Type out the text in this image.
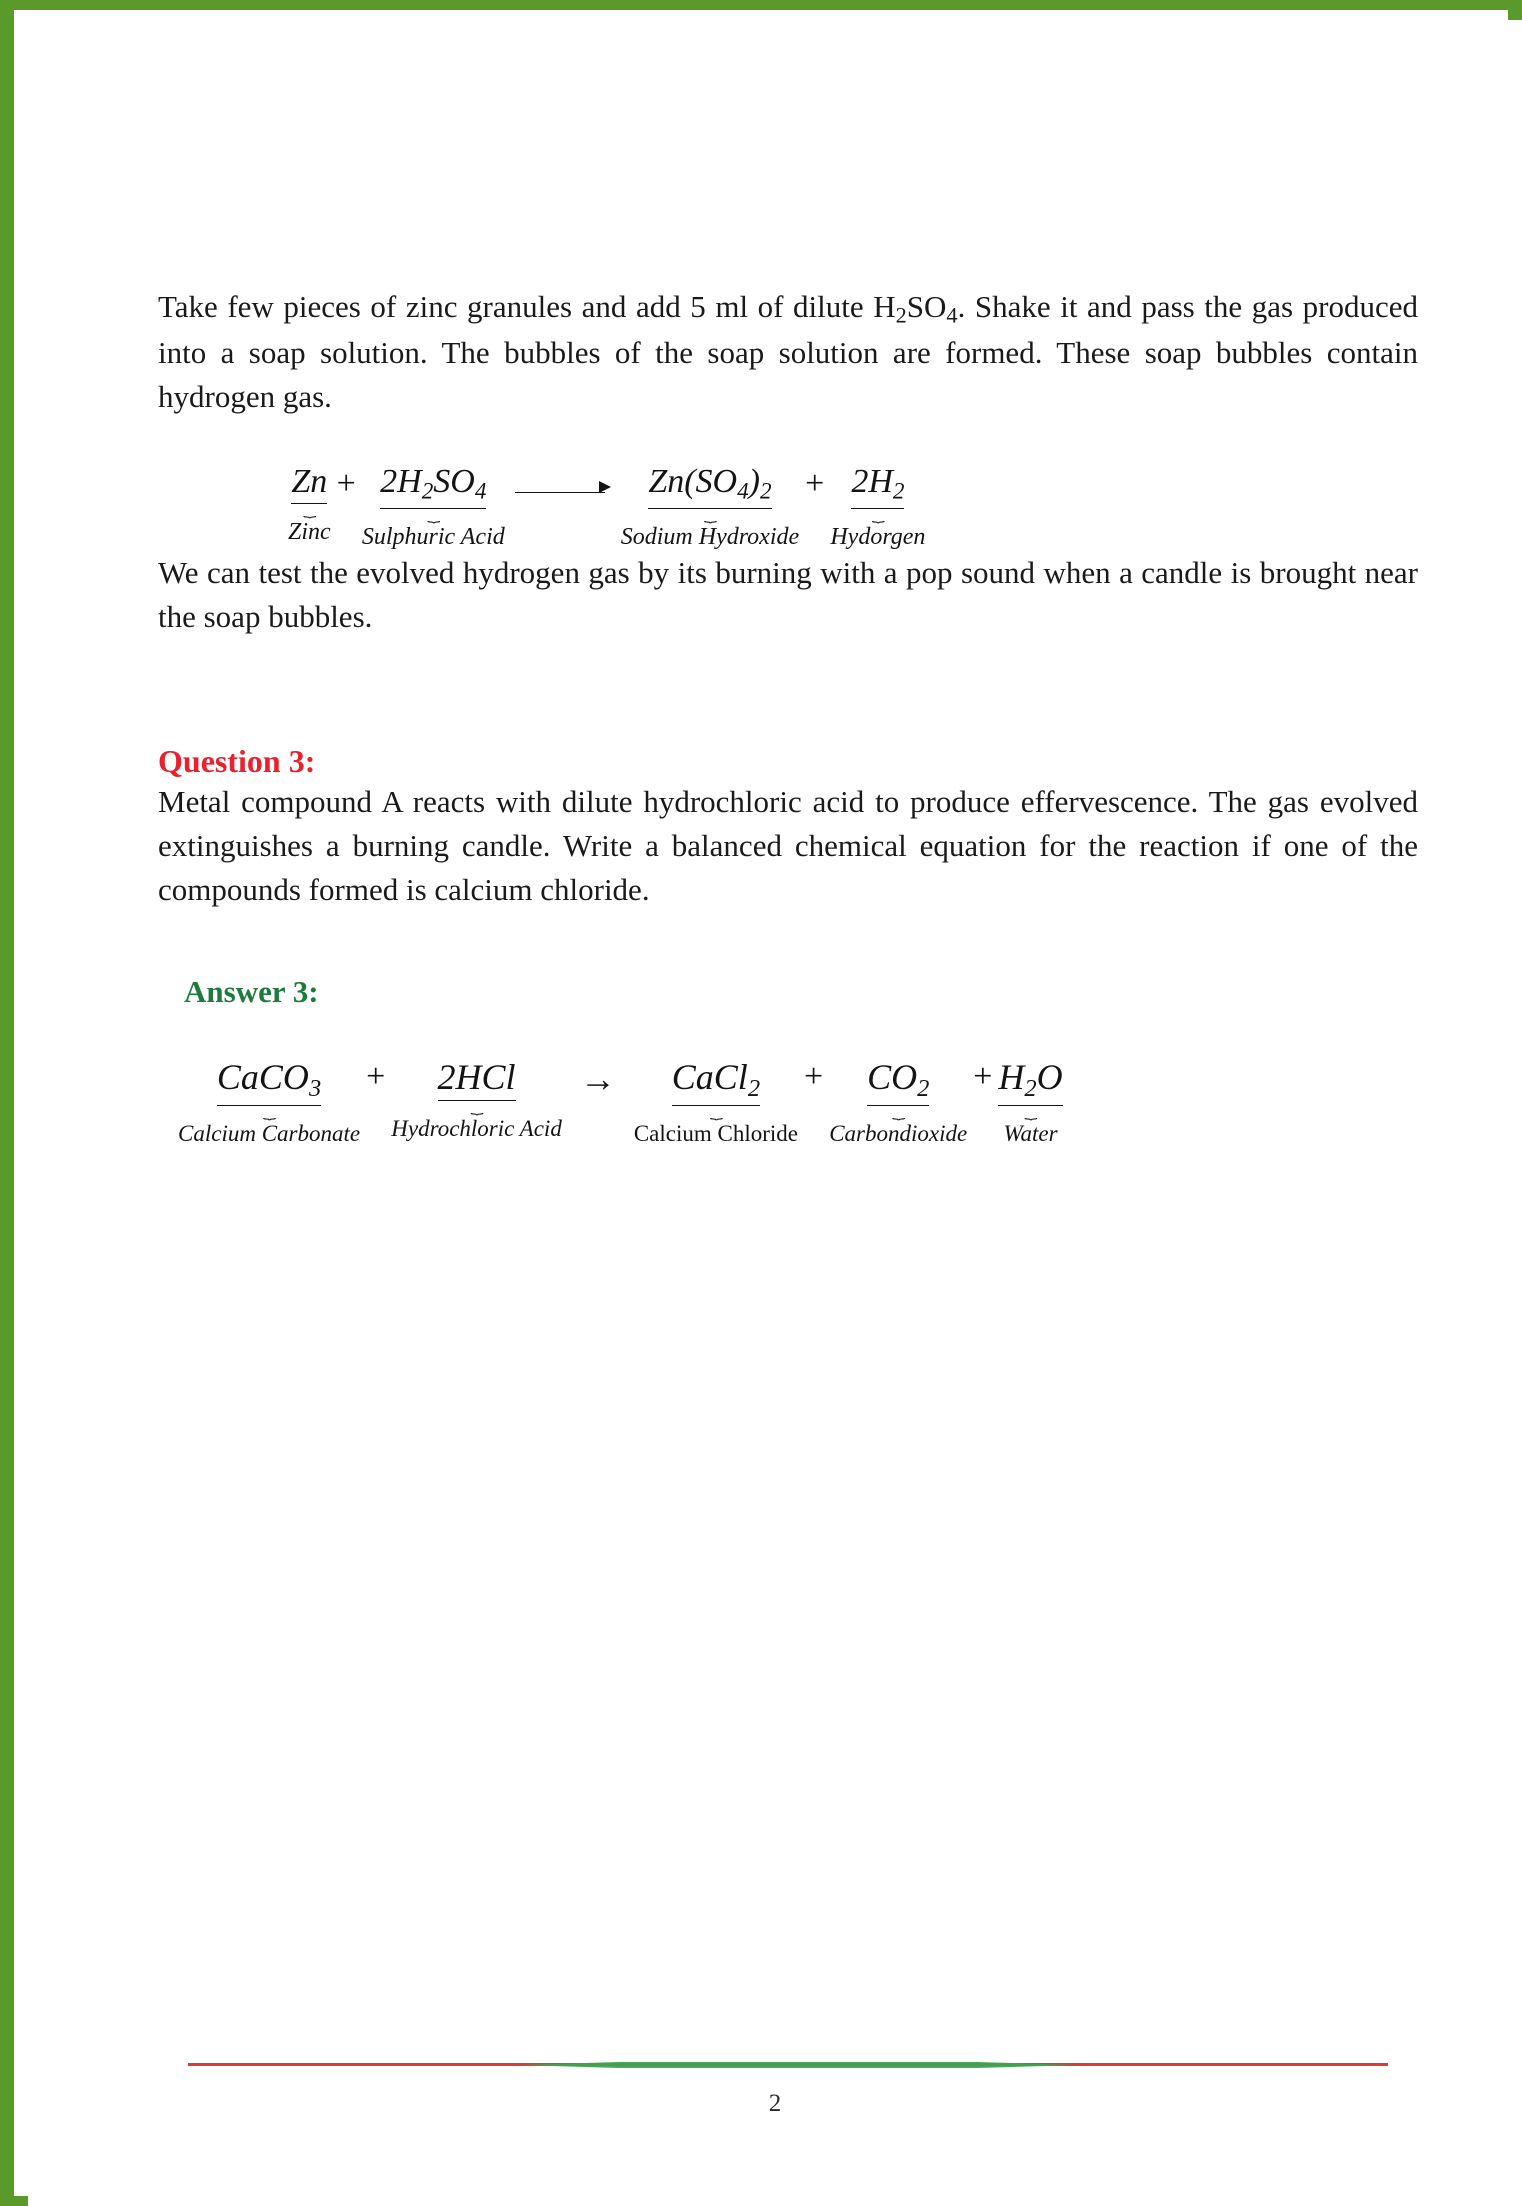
Take few pieces of zinc granules and add 5 ml of dilute $H_2SO_4$. Shake it and pass the gas produced into a soap solution. The bubbles of the soap solution are formed. These soap bubbles contain hydrogen gas.

Zn
⏟
Zinc
+ $2H_2SO_4$
⏟
Sulphuric Acid
$Zn(SO_4)_2$
⏟
Sodium Hydroxide
+ $2H_2$
⏟
Hydorgen

We can test the evolved hydrogen gas by its burning with a pop sound when a candle is brought near the soap bubbles.

Question 3:

Metal compound A reacts with dilute hydrochloric acid to produce effervescence. The gas evolved extinguishes a burning candle. Write a balanced chemical equation for the reaction if one of the compounds formed is calcium chloride.

Answer 3:
CaCO$_3$
⏟
Calcium Carbonate
+	2HCl
⏟
Hydrochloric Acid
→	CaCl$_2$
⏟
Calcium Chloride
+	$CO_2$
⏟
Carbondioxide
+ $H_2O$
⏟
Water
2
